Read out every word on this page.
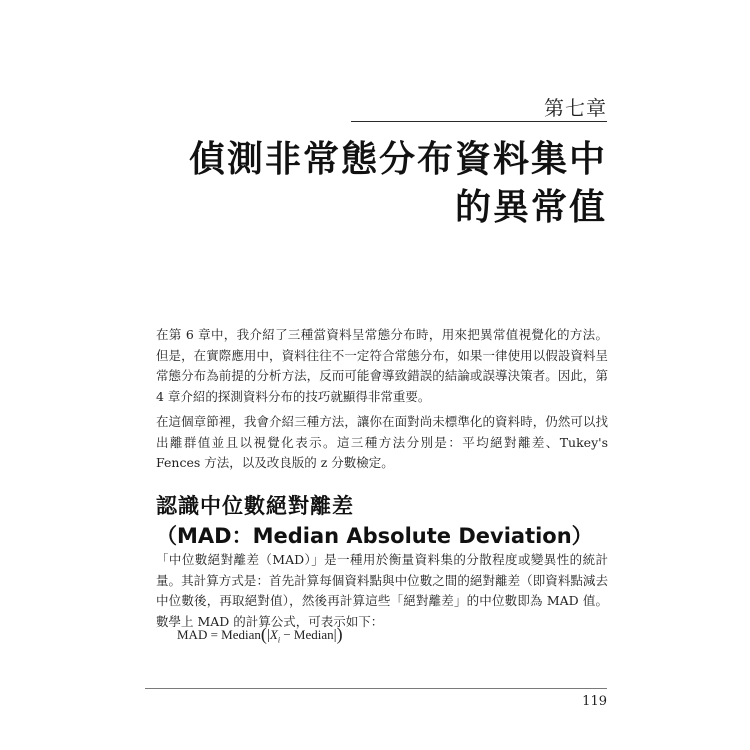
第七章
偵測非常態分布資料集中
的異常值
在第 6 章中，我介紹了三種當資料呈常態分布時，用來把異常值視覺化的方法。但是，在實際應用中，資料往往不一定符合常態分布，如果一律使用以假設資料呈常態分布為前提的分析方法，反而可能會導致錯誤的結論或誤導決策者。因此，第 4 章介紹的探測資料分布的技巧就顯得非常重要。
在這個章節裡，我會介紹三種方法，讓你在面對尚未標準化的資料時，仍然可以找出離群值並且以視覺化表示。這三種方法分別是：平均絕對離差、Tukey's Fences 方法，以及改良版的 z 分數檢定。
認識中位數絕對離差
（MAD：Median Absolute Deviation）
「中位數絕對離差（MAD）」是一種用於衡量資料集的分散程度或變異性的統計量。其計算方式是：首先計算每個資料點與中位數之間的絕對離差（即資料點減去中位數後，再取絕對值），然後再計算這些「絕對離差」的中位數即為 MAD 值。數學上 MAD 的計算公式，可表示如下：
MAD = $Median(|X_i$ − Median|)
119
